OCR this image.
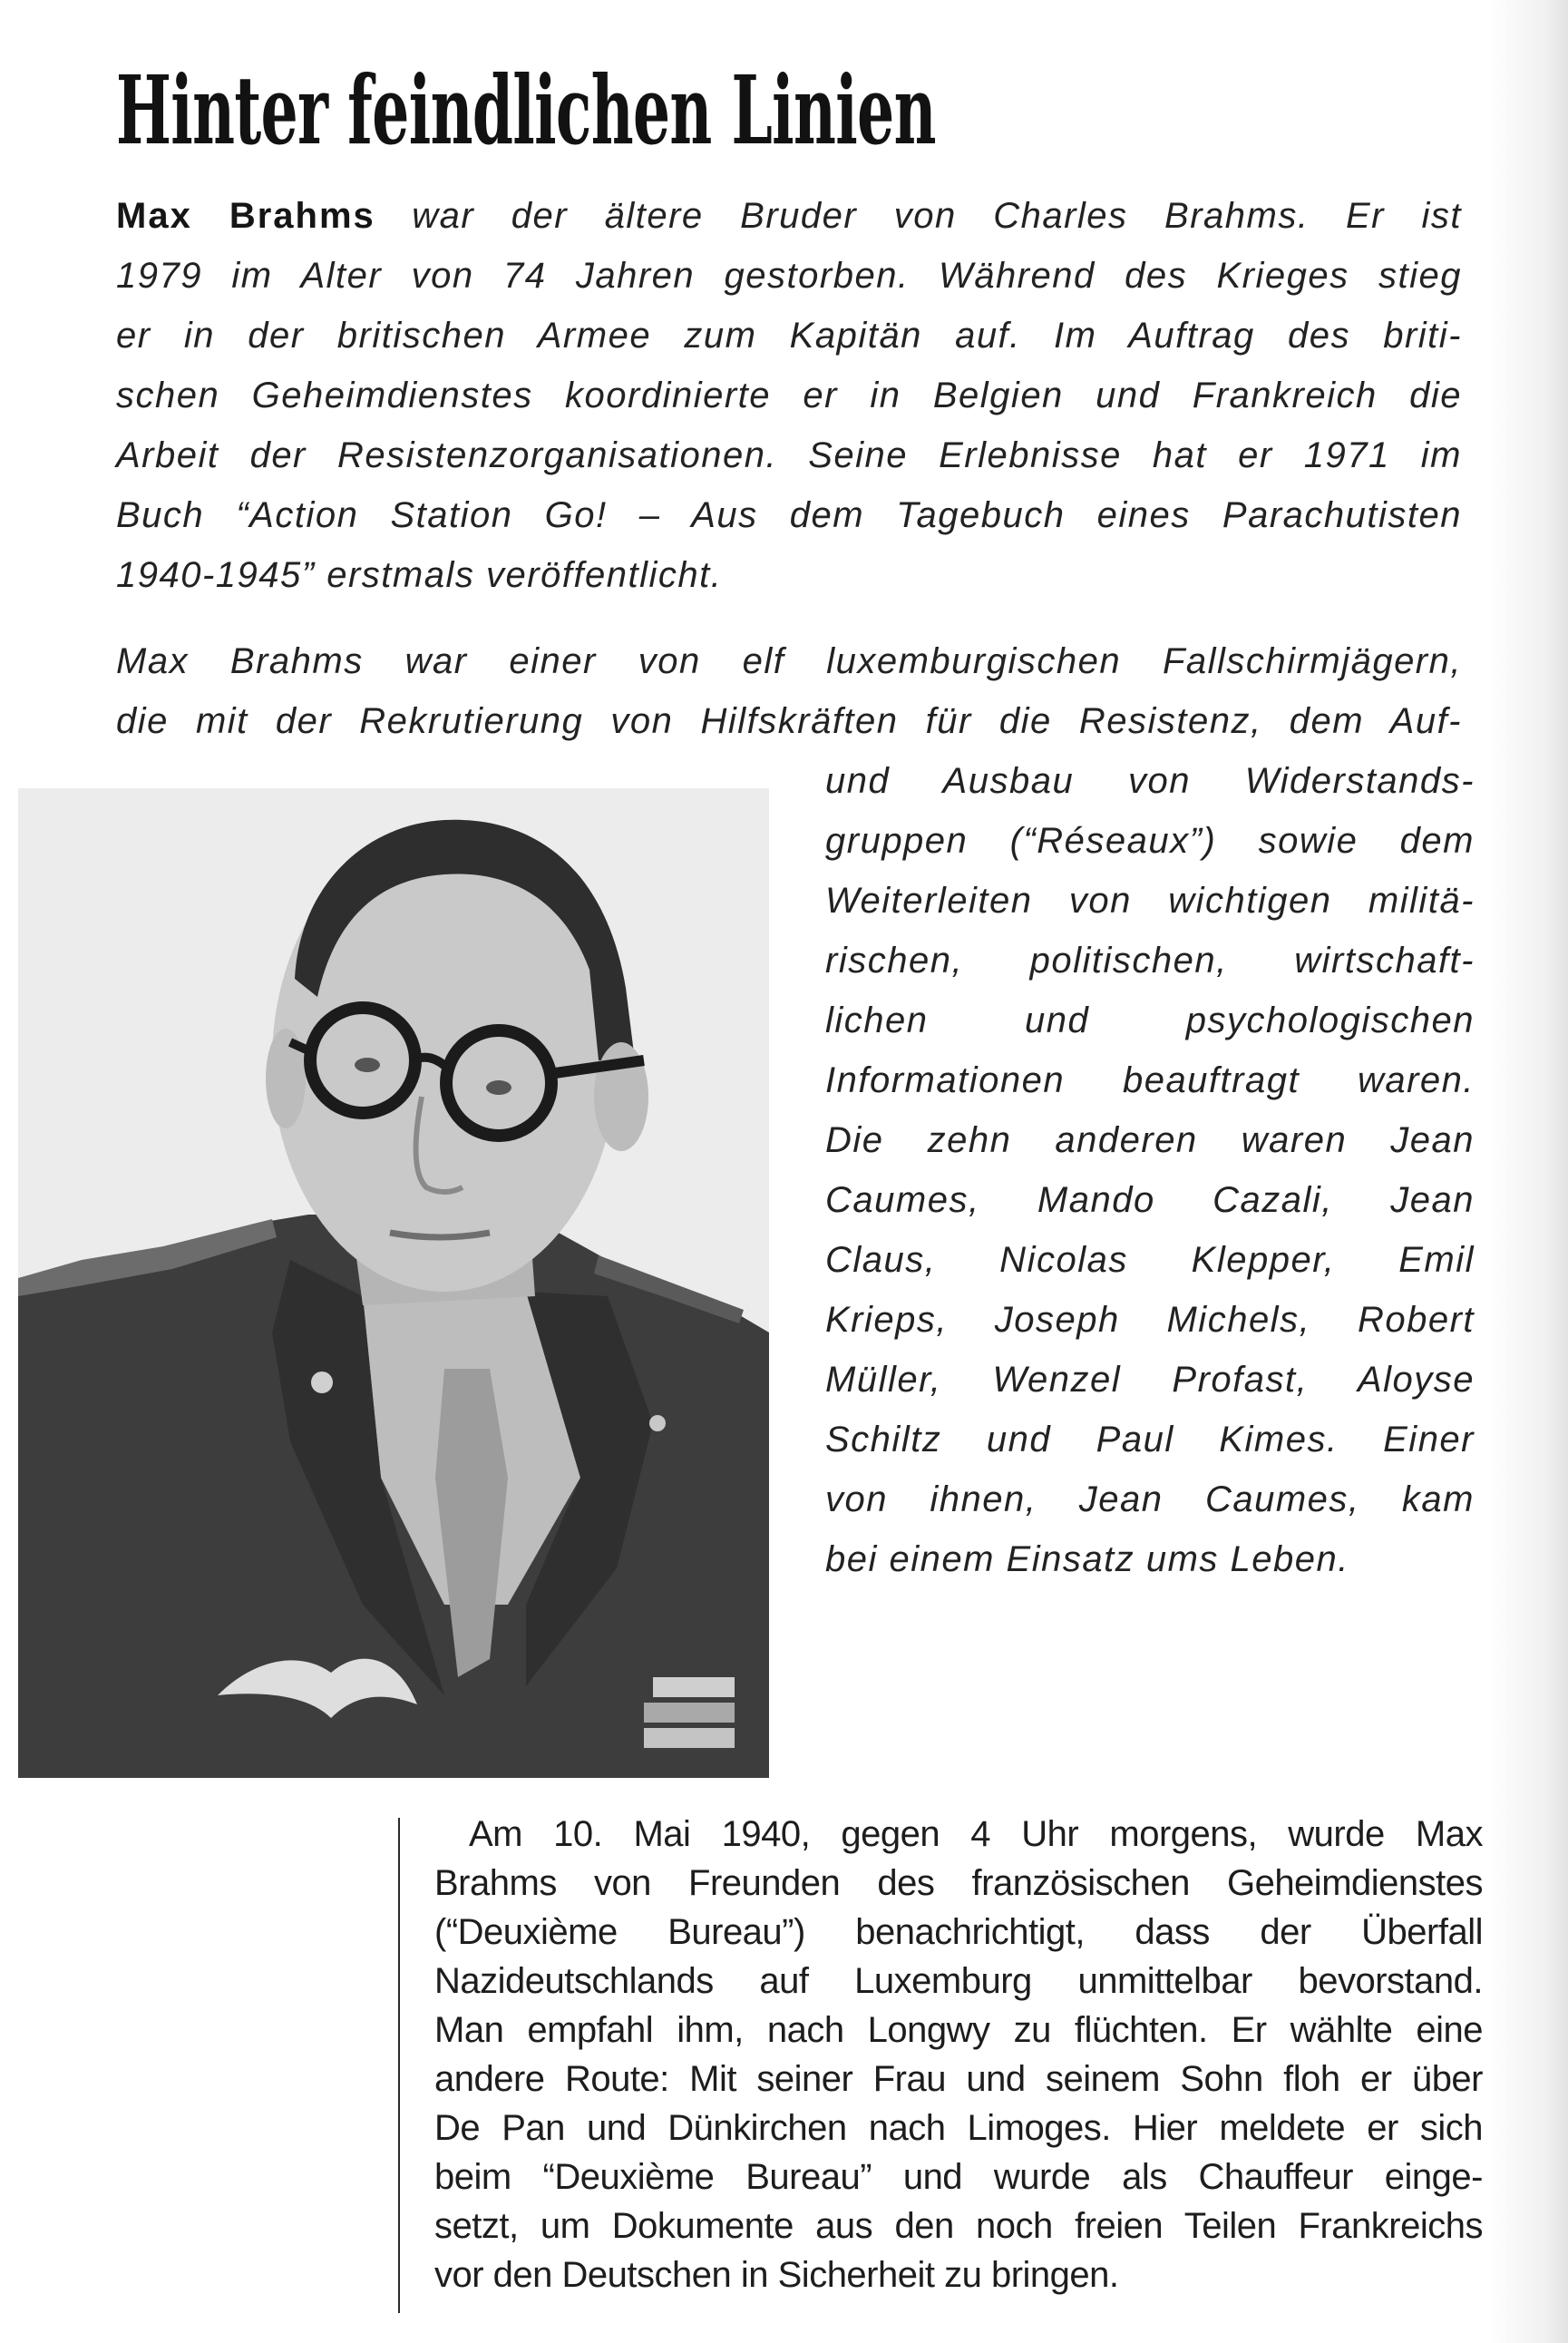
Hinter feindlichen Linien
Max Brahms war der ältere Bruder von Charles Brahms. Er ist
1979 im Alter von 74 Jahren gestorben. Während des Krieges stieg
er in der britischen Armee zum Kapitän auf. Im Auftrag des briti-
schen Geheimdienstes koordinierte er in Belgien und Frankreich die
Arbeit der Resistenzorganisationen. Seine Erlebnisse hat er 1971 im
Buch “Action Station Go! – Aus dem Tagebuch eines Parachutisten
1940-1945” erstmals veröffentlicht.
Max Brahms war einer von elf luxemburgischen Fallschirmjägern,
die mit der Rekrutierung von Hilfskräften für die Resistenz, dem Auf-
und Ausbau von Widerstands-
gruppen (“Réseaux”) sowie dem
Weiterleiten von wichtigen militä-
rischen, politischen, wirtschaft-
lichen und psychologischen
Informationen beauftragt waren.
Die zehn anderen waren Jean
Caumes, Mando Cazali, Jean
Claus, Nicolas Klepper, Emil
Krieps, Joseph Michels, Robert
Müller, Wenzel Profast, Aloyse
Schiltz und Paul Kimes. Einer
von ihnen, Jean Caumes, kam
bei einem Einsatz ums Leben.
Am 10. Mai 1940, gegen 4 Uhr morgens, wurde Max
Brahms von Freunden des französischen Geheimdienstes
(“Deuxième Bureau”) benachrichtigt, dass der Überfall
Nazideutschlands auf Luxemburg unmittelbar bevorstand.
Man empfahl ihm, nach Longwy zu flüchten. Er wählte eine
andere Route: Mit seiner Frau und seinem Sohn floh er über
De Pan und Dünkirchen nach Limoges. Hier meldete er sich
beim “Deuxième Bureau” und wurde als Chauffeur einge-
setzt, um Dokumente aus den noch freien Teilen Frankreichs
vor den Deutschen in Sicherheit zu bringen.
